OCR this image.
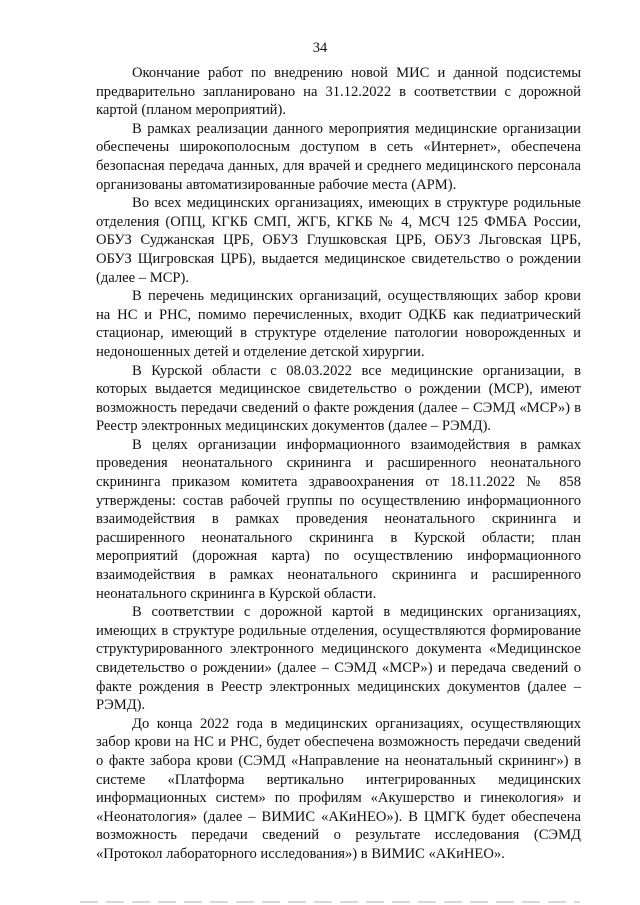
34

Окончание работ по внедрению новой МИС и данной подсистемы предварительно запланировано на 31.12.2022 в соответствии с дорожной картой (планом мероприятий).

В рамках реализации данного мероприятия медицинские организации обеспечены широкополосным доступом в сеть «Интернет», обеспечена безопасная передача данных, для врачей и среднего медицинского персонала организованы автоматизированные рабочие места (АРМ).

Во всех медицинских организациях, имеющих в структуре родильные отделения (ОПЦ, КГКБ СМП, ЖГБ, КГКБ № 4, МСЧ 125 ФМБА России, ОБУЗ Суджанская ЦРБ, ОБУЗ Глушковская ЦРБ, ОБУЗ Льговская ЦРБ, ОБУЗ Щигровская ЦРБ), выдается медицинское свидетельство о рождении (далее – МСР).

В перечень медицинских организаций, осуществляющих забор крови на НС и РНС, помимо перечисленных, входит ОДКБ как педиатрический стационар, имеющий в структуре отделение патологии новорожденных и недоношенных детей и отделение детской хирургии.

В Курской области с 08.03.2022 все медицинские организации, в которых выдается медицинское свидетельство о рождении (МСР), имеют возможность передачи сведений о факте рождения (далее – СЭМД «МСР») в Реестр электронных медицинских документов (далее – РЭМД).

В целях организации информационного взаимодействия в рамках проведения неонатального скрининга и расширенного неонатального скрининга приказом комитета здравоохранения от 18.11.2022 № 858 утверждены: состав рабочей группы по осуществлению информационного взаимодействия в рамках проведения неонатального скрининга и расширенного неонатального скрининга в Курской области; план мероприятий (дорожная карта) по осуществлению информационного взаимодействия в рамках неонатального скрининга и расширенного неонатального скрининга в Курской области.

В соответствии с дорожной картой в медицинских организациях, имеющих в структуре родильные отделения, осуществляются формирование структурированного электронного медицинского документа «Медицинское свидетельство о рождении» (далее – СЭМД «МСР») и передача сведений о факте рождения в Реестр электронных медицинских документов (далее – РЭМД).

До конца 2022 года в медицинских организациях, осуществляющих забор крови на НС и РНС, будет обеспечена возможность передачи сведений о факте забора крови (СЭМД «Направление на неонатальный скрининг») в системе «Платформа вертикально интегрированных медицинских информационных систем» по профилям «Акушерство и гинекология» и «Неонатология» (далее – ВИМИС «АКиНЕО»). В ЦМГК будет обеспечена возможность передачи сведений о результате исследования (СЭМД «Протокол лабораторного исследования») в ВИМИС «АКиНЕО».
